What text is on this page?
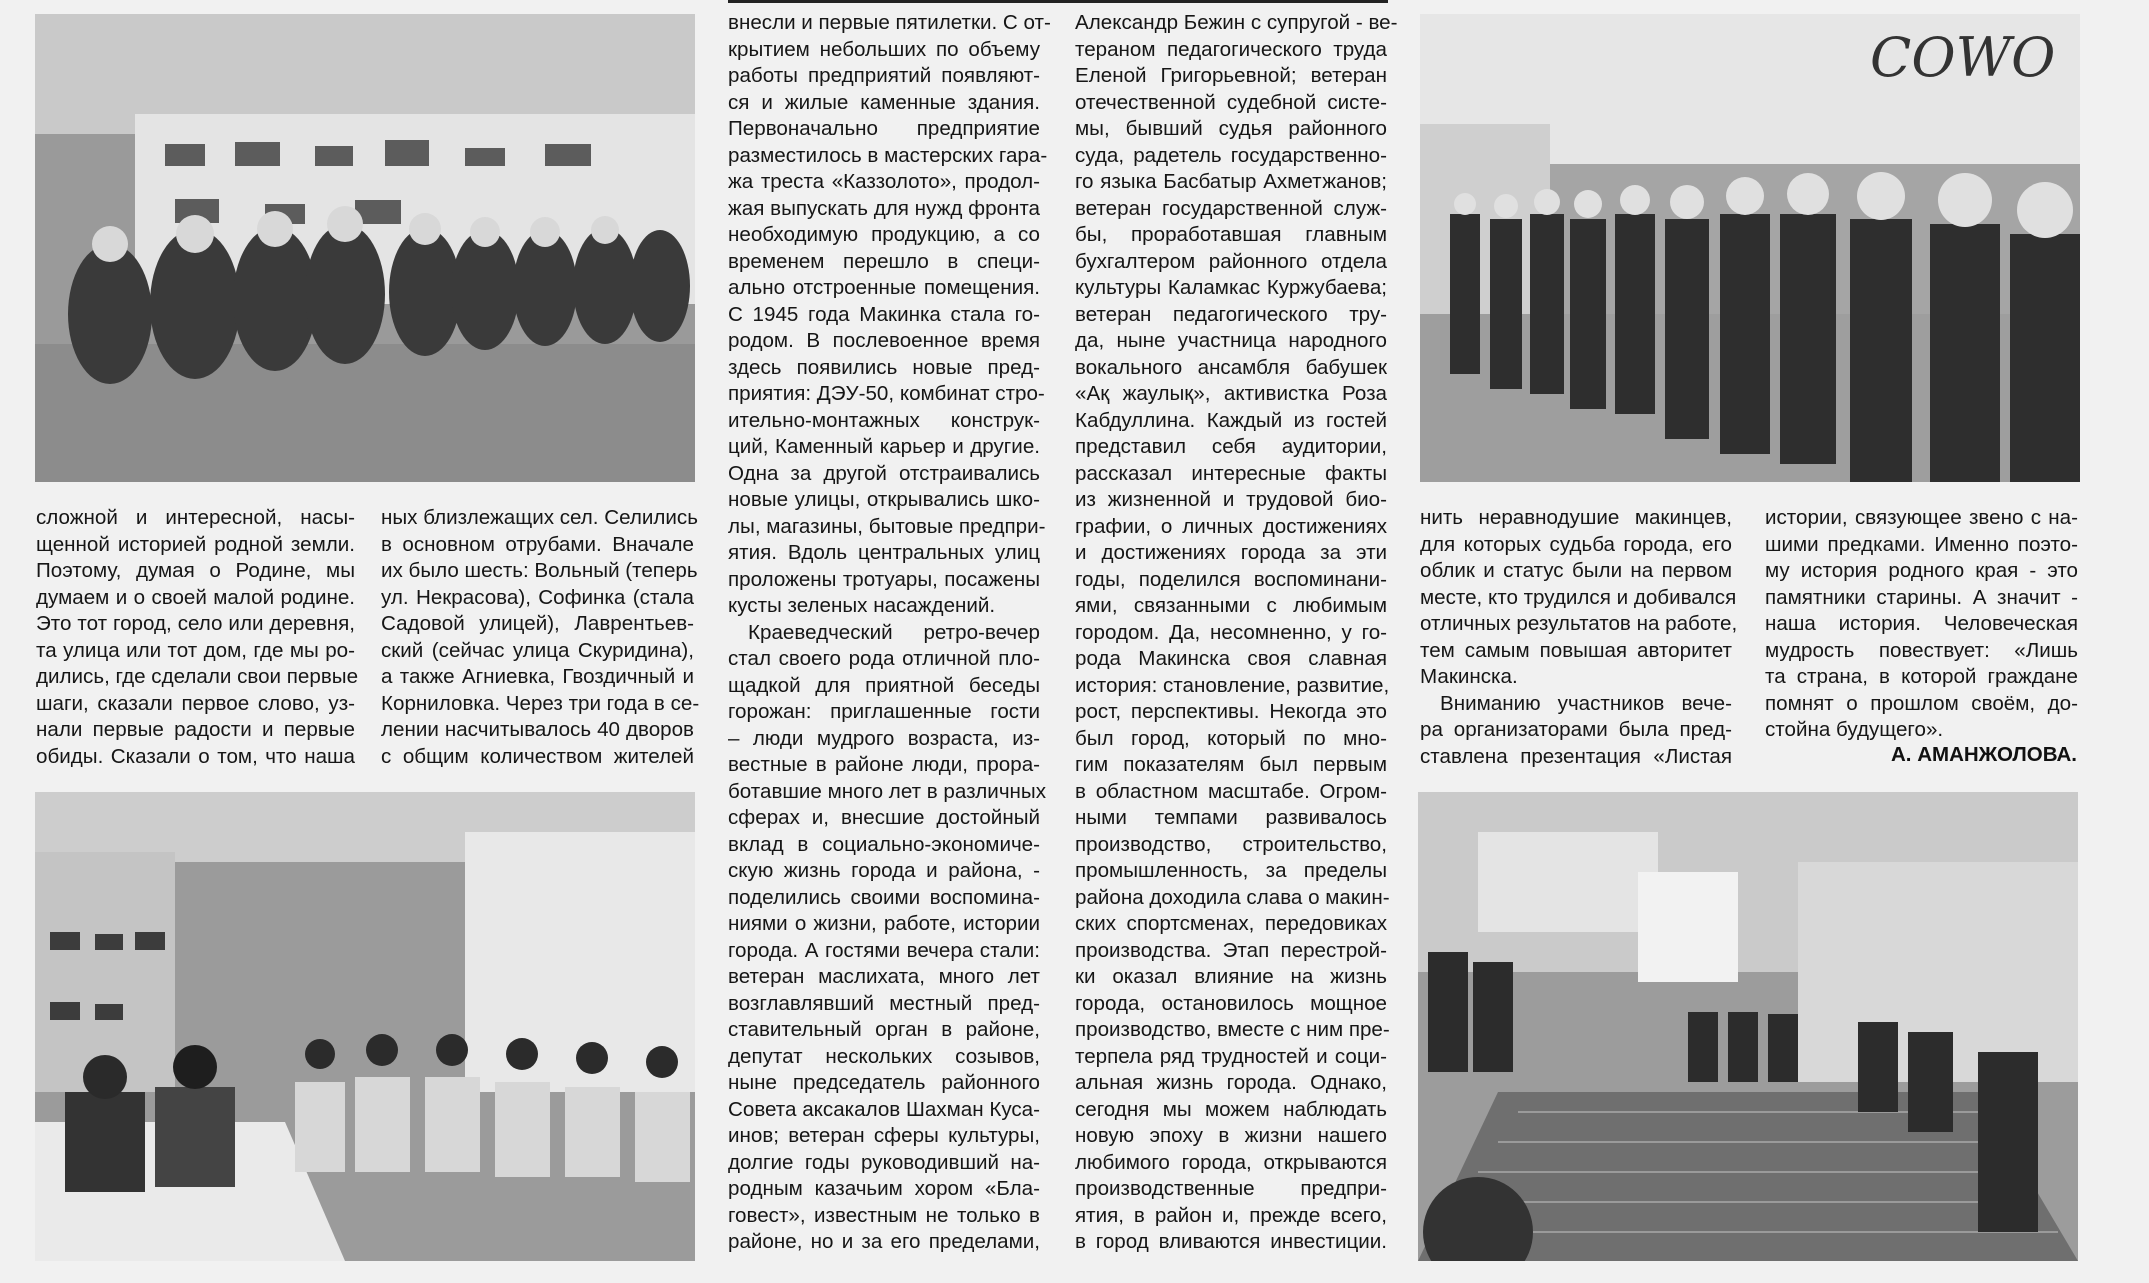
COWO
сложной и интересной, насы-
щенной историей родной земли.
Поэтому, думая о Родине, мы
думаем и о своей малой родине.
Это тот город, село или деревня,
та улица или тот дом, где мы ро-
дились, где сделали свои первые
шаги, сказали первое слово, уз-
нали первые радости и первые
обиды. Сказали о том, что наша
ных близлежащих сел. Селились
в основном отрубами. Вначале
их было шесть: Вольный (теперь
ул. Некрасова), Софинка (стала
Садовой улицей), Лаврентьев-
ский (сейчас улица Скуридина),
а также Агниевка, Гвоздичный и
Корниловка. Через три года в се-
лении насчитывалось 40 дворов
с общим количеством жителей
внесли и первые пятилетки. С от-
крытием небольших по объему
работы предприятий появляют-
ся и жилые каменные здания.
Первоначально предприятие
разместилось в мастерских гара-
жа треста «Каззолото», продол-
жая выпускать для нужд фронта
необходимую продукцию, а со
временем перешло в специ-
ально отстроенные помещения.
С 1945 года Макинка стала го-
родом. В послевоенное время
здесь появились новые пред-
приятия: ДЭУ-50, комбинат стро-
ительно-монтажных конструк-
ций, Каменный карьер и другие.
Одна за другой отстраивались
новые улицы, открывались шко-
лы, магазины, бытовые предпри-
ятия. Вдоль центральных улиц
проложены тротуары, посажены
кусты зеленых насаждений.
Краеведческий ретро-вечер
стал своего рода отличной пло-
щадкой для приятной беседы
горожан: приглашенные гости
– люди мудрого возраста, из-
вестные в районе люди, прора-
ботавшие много лет в различных
сферах и, внесшие достойный
вклад в социально-экономиче-
скую жизнь города и района, -
поделились своими воспомина-
ниями о жизни, работе, истории
города. А гостями вечера стали:
ветеран маслихата, много лет
возглавлявший местный пред-
ставительный орган в районе,
депутат нескольких созывов,
ныне председатель районного
Совета аксакалов Шахман Куса-
инов; ветеран сферы культуры,
долгие годы руководивший на-
родным казачьим хором «Бла-
говест», известным не только в
районе, но и за его пределами,
Александр Бежин с супругой - ве-
тераном педагогического труда
Еленой Григорьевной; ветеран
отечественной судебной систе-
мы, бывший судья районного
суда, радетель государственно-
го языка Басбатыр Ахметжанов;
ветеран государственной служ-
бы, проработавшая главным
бухгалтером районного отдела
культуры Каламкас Куржубаева;
ветеран педагогического тру-
да, ныне участница народного
вокального ансамбля бабушек
«Ақ жаулық», активистка Роза
Кабдуллина. Каждый из гостей
представил себя аудитории,
рассказал интересные факты
из жизненной и трудовой био-
графии, о личных достижениях
и достижениях города за эти
годы, поделился воспоминани-
ями, связанными с любимым
городом. Да, несомненно, у го-
рода Макинска своя славная
история: становление, развитие,
рост, перспективы. Некогда это
был город, который по мно-
гим показателям был первым
в областном масштабе. Огром-
ными темпами развивалось
производство, строительство,
промышленность, за пределы
района доходила слава о макин-
ских спортсменах, передовиках
производства. Этап перестрой-
ки оказал влияние на жизнь
города, остановилось мощное
производство, вместе с ним пре-
терпела ряд трудностей и соци-
альная жизнь города. Однако,
сегодня мы можем наблюдать
новую эпоху в жизни нашего
любимого города, открываются
производственные предпри-
ятия, в район и, прежде всего,
в город вливаются инвестиции.
нить неравнодушие макинцев,
для которых судьба города, его
облик и статус были на первом
месте, кто трудился и добивался
отличных результатов на работе,
тем самым повышая авторитет
Макинска.
Вниманию участников вече-
ра организаторами была пред-
ставлена презентация «Листая
истории, связующее звено с на-
шими предками. Именно поэто-
му история родного края - это
памятники старины. А значит -
наша история. Человеческая
мудрость повествует: «Лишь
та страна, в которой граждане
помнят о прошлом своём, до-
стойна будущего».
А. АМАНЖОЛОВА.
